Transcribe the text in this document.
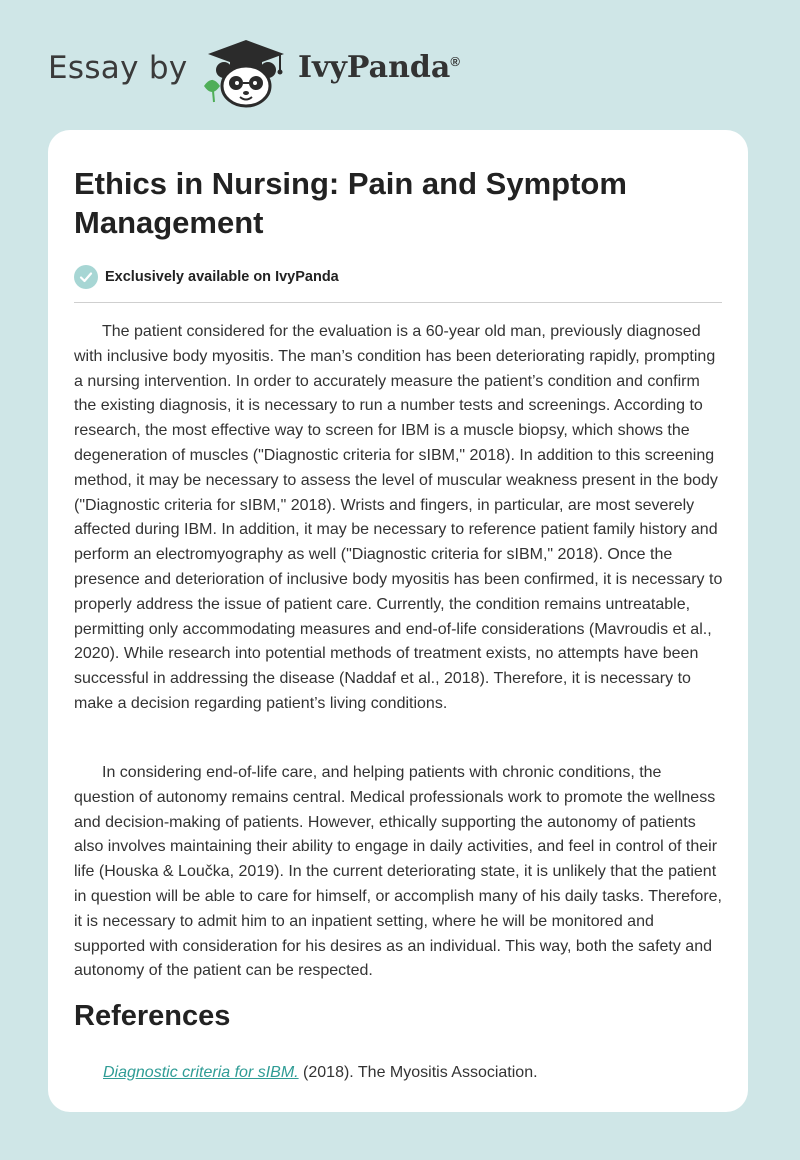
Essay by	IvyPanda®
Ethics in Nursing: Pain and Symptom Management
Exclusively available on IvyPanda

The patient considered for the evaluation is a 60-year old man, previously diagnosed with inclusive body myositis. The man’s condition has been deteriorating rapidly, prompting a nursing intervention. In order to accurately measure the patient’s condition and confirm the existing diagnosis, it is necessary to run a number tests and screenings. According to research, the most effective way to screen for IBM is a muscle biopsy, which shows the degeneration of muscles ("Diagnostic criteria for sIBM," 2018). In addition to this screening method, it may be necessary to assess the level of muscular weakness present in the body ("Diagnostic criteria for sIBM," 2018). Wrists and fingers, in particular, are most severely affected during IBM. In addition, it may be necessary to reference patient family history and perform an electromyography as well ("Diagnostic criteria for sIBM," 2018). Once the presence and deterioration of inclusive body myositis has been confirmed, it is necessary to properly address the issue of patient care. Currently, the condition remains untreatable, permitting only accommodating measures and end-of-life considerations (Mavroudis et al., 2020). While research into potential methods of treatment exists, no attempts have been successful in addressing the disease (Naddaf et al., 2018). Therefore, it is necessary to make a decision regarding patient’s living conditions.

In considering end-of-life care, and helping patients with chronic conditions, the question of autonomy remains central. Medical professionals work to promote the wellness and decision-making of patients. However, ethically supporting the autonomy of patients also involves maintaining their ability to engage in daily activities, and feel in control of their life (Houska & Loučka, 2019). In the current deteriorating state, it is unlikely that the patient in question will be able to care for himself, or accomplish many of his daily tasks. Therefore, it is necessary to admit him to an inpatient setting, where he will be monitored and supported with consideration for his desires as an individual. This way, both the safety and autonomy of the patient can be respected.

References

Diagnostic criteria for sIBM. (2018). The Myositis Association.
